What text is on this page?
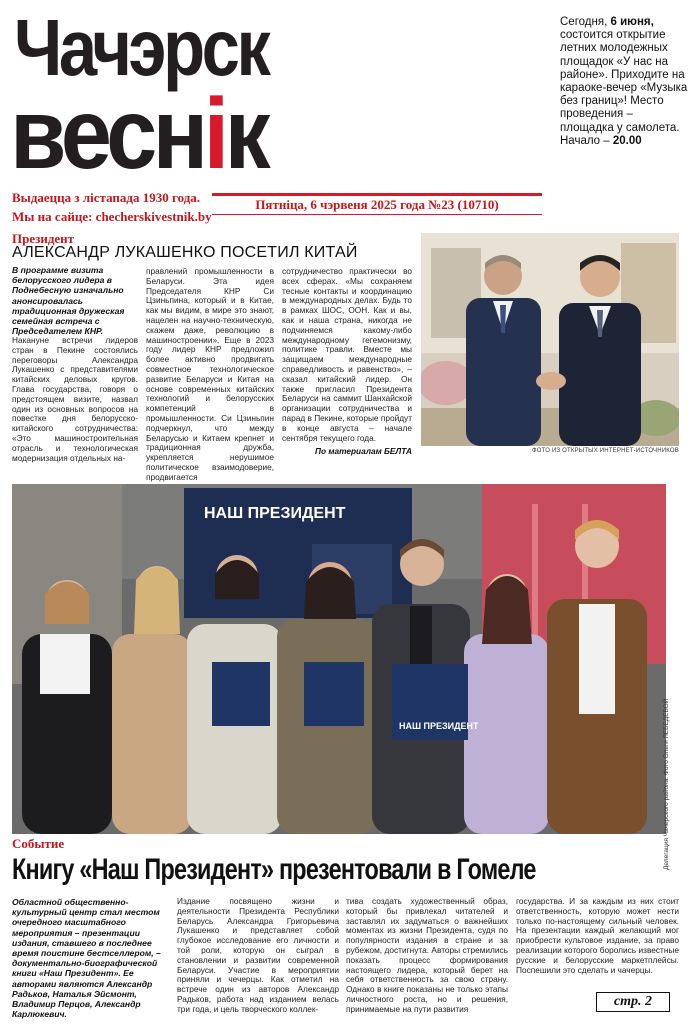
Чачэрск
веснік
Выдаецца з лістапада 1930 года.
Мы на сайце: checherskivestnik.by
Пятніца, 6 чэрвеня 2025 года №23 (10710)
Сегодня, 6 июня, состоится открытие летних молодежных площадок «У нас на районе». Приходите на караоке-вечер «Музыка без границ»! Место проведения – площадка у самолета. Начало – 20.00
Президент
АЛЕКСАНДР ЛУКАШЕНКО ПОСЕТИЛ КИТАЙ
В программе визита белорусского лидера в Поднебесную изначально анонсировалась традиционная дружеская семейная встреча с Председателем КНР.
Накануне встречи лидеров стран в Пекине состоялись переговоры Александра Лукашенко с представителями китайских деловых кругов. Глава государства, говоря о предстоящем визите, назвал один из основных вопросов на повестке дня белорусско-китайского сотрудничества: «Это машиностроительная отрасль и технологическая модернизация отдельных на-
правлений промышленности в Беларуси. Эта идея Председателя КНР Си Цзиньпина, который и в Китае, как мы видим, в мире это знают, нацелен на научно-техническую, скажем даже, революцию в машиностроении». Еще в 2023 году лидер КНР предложил более активно продвигать совместное технологическое развитие Беларуси и Китая на основе современных китайских технологий и белорусских компетенций в промышленности. Си Цзиньпин подчеркнул, что между Беларусью и Китаем крепнет и традиционная дружба, укрепляется нерушимое политическое взаимодоверие, продвигается
сотрудничество практически во всех сферах. «Мы сохраняем тесные контакты и координацию в международных делах. Будь то в рамках ШОС, ООН. Как и вы, как и наша страна, никогда не подчиняемся какому-либо международному гегемонизму, политике травли. Вместе мы защищаем международные справедливость и равенство», – сказал китайский лидер. Он также пригласил Президента Беларуси на саммит Шанхайской организации сотрудничества и парад в Пекине, которые пройдут в конце августа – начале сентября текущего года.
По материалам БЕЛТА	ФОТО ИЗ ОТКРЫТЫХ ИНТЕРНЕТ-ИСТОЧНИКОВ
НАШ ПРЕЗИДЕНТ
НАШ ПРЕЗИДЕНТ	Делегация Чачерского района. Фото Ольги ЛЕБЕДЕВОЙ
Событие
Книгу «Наш Президент» презентовали в Гомеле
Областной общественно-культурный центр стал местом очередного масштабного мероприятия – презентации издания, ставшего в последнее время поистине бестселлером, – документально-биографической книги «Наш Президент». Ее авторами являются Александр Радьков, Наталья Эйсмонт, Владимир Перцов, Александр Карлюкевич.
Издание посвящено жизни и деятельности Президента Республики Беларусь Александра Григорьевича Лукашенко и представляет собой глубокое исследование его личности и той роли, которую он сыграл в становлении и развитии современной Беларуси. Участие в мероприятии приняли и чечерцы. Как отметил на встрече один из авторов Александр Радьков, работа над изданием велась три года, и цель творческого коллек-
тива создать художественный образ, который бы привлекал читателей и заставлял их задуматься о важнейших моментах из жизни Президента, судя по популярности издания в стране и за рубежом, достигнута. Авторы стремились показать процесс формирования настоящего лидера, который берет на себя ответственность за свою страну. Однако в книге показаны не только этапы личностного роста, но и решения, принимаемые на пути развития
государства. И за каждым из них стоит ответственность, которую может нести только по-настоящему сильный человек. На презентации каждый желающий мог приобрести культовое издание, за право реализации которого боролись известные русские и белорусские маркетплейсы. Поспешили это сделать и чачерцы.
стр. 2
